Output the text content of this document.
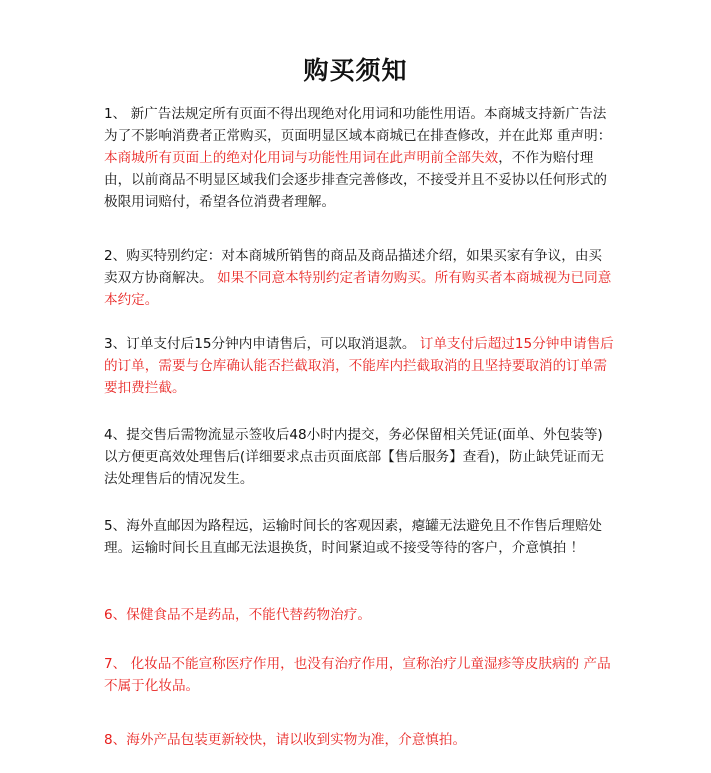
购买须知

1、 新广告法规定所有页面不得出现绝对化用词和功能性用语。本商城支持新广告法为了不影响消费者正常购买，页面明显区域本商城已在排查修改，并在此郑 重声明：本商城所有页面上的绝对化用词与功能性用词在此声明前全部失效，不作为赔付理由，以前商品不明显区域我们会逐步排查完善修改，不接受并且不妥协以任何形式的极限用词赔付，希望各位消费者理解。

2、购买特别约定：对本商城所销售的商品及商品描述介绍，如果买家有争议，由买卖双方协商解决。 如果不同意本特别约定者请勿购买。所有购买者本商城视为已同意本约定。

3、订单支付后15分钟内申请售后，可以取消退款。 订单支付后超过15分钟申请售后的订单，需要与仓库确认能否拦截取消，不能库内拦截取消的且坚持要取消的订单需要扣费拦截。

4、提交售后需物流显示签收后48小时内提交，务必保留相关凭证(面单、外包装等)以方便更高效处理售后(详细要求点击页面底部【售后服务】查看)，防止缺凭证而无法处理售后的情况发生。

5、海外直邮因为路程远，运输时间长的客观因素，瘪罐无法避免且不作售后理赔处理。运输时间长且直邮无法退换货，时间紧迫或不接受等待的客户，介意慎拍 ！

6、保健食品不是药品，不能代替药物治疗。

7、 化妆品不能宣称医疗作用，也没有治疗作用，宣称治疗儿童湿疹等皮肤病的 产品不属于化妆品。

8、海外产品包装更新较快，请以收到实物为准，介意慎拍。
